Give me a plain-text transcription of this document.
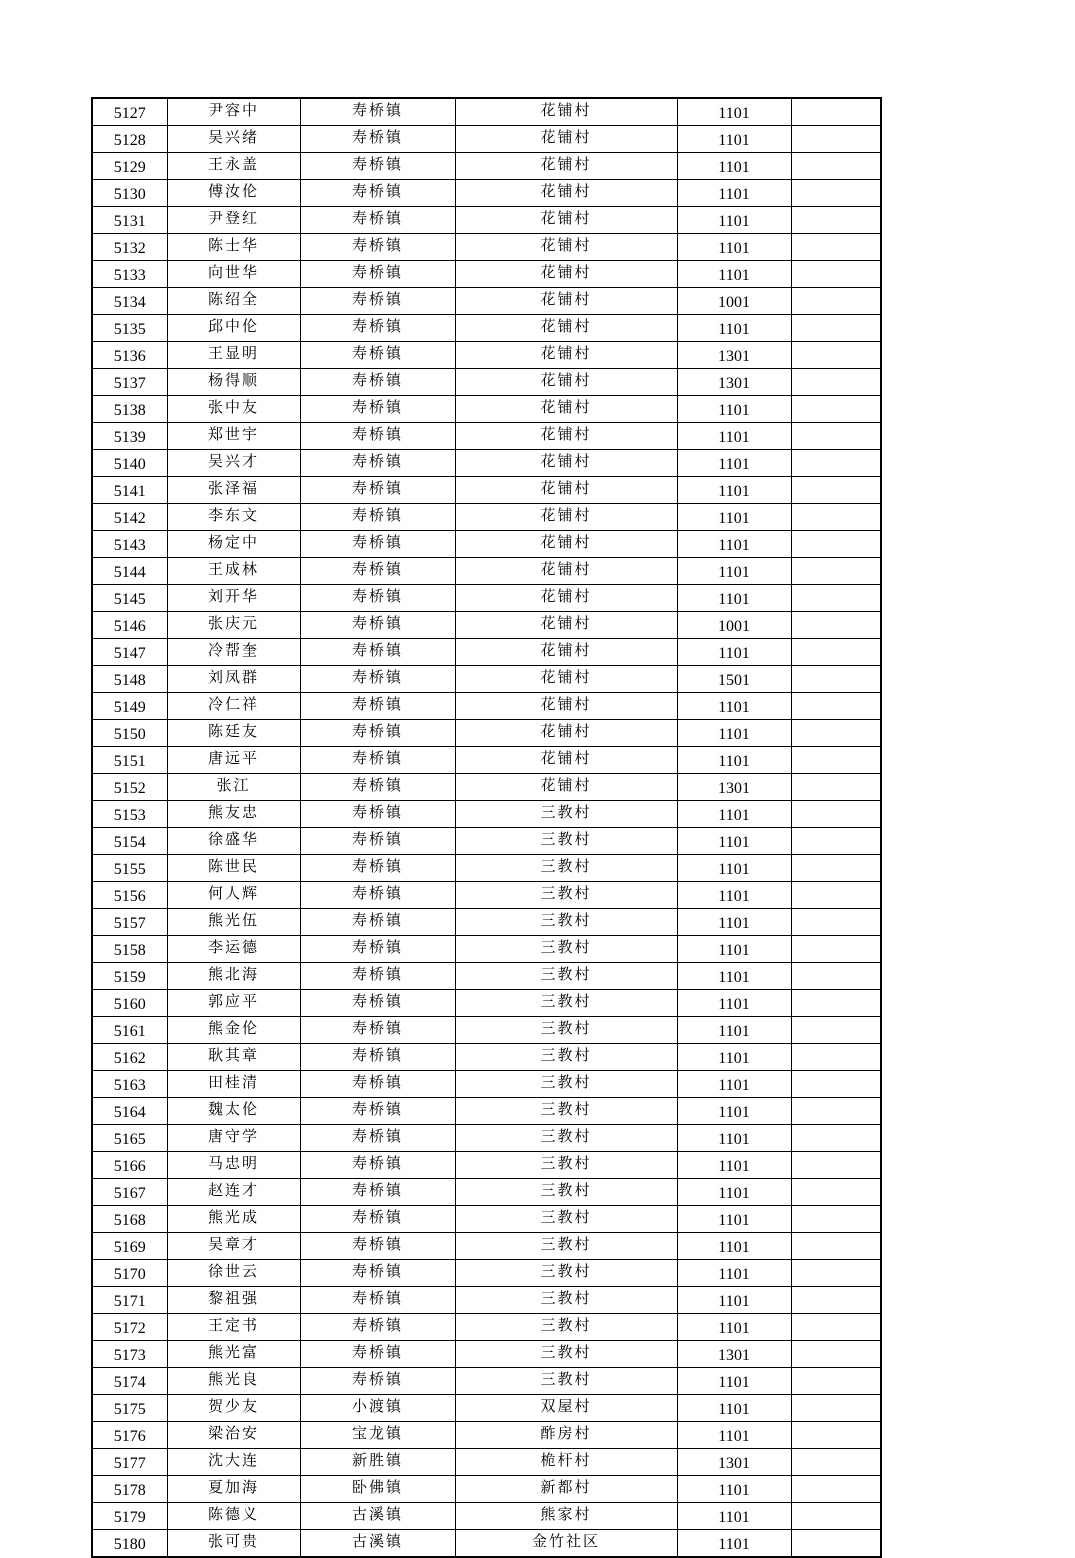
5127	尹容中	寿桥镇	花铺村	1101	
5128	吴兴绪	寿桥镇	花铺村	1101	
5129	王永盖	寿桥镇	花铺村	1101	
5130	傅汝伦	寿桥镇	花铺村	1101	
5131	尹登红	寿桥镇	花铺村	1101	
5132	陈士华	寿桥镇	花铺村	1101	
5133	向世华	寿桥镇	花铺村	1101	
5134	陈绍全	寿桥镇	花铺村	1001	
5135	邱中伦	寿桥镇	花铺村	1101	
5136	王显明	寿桥镇	花铺村	1301	
5137	杨得顺	寿桥镇	花铺村	1301	
5138	张中友	寿桥镇	花铺村	1101	
5139	郑世宇	寿桥镇	花铺村	1101	
5140	吴兴才	寿桥镇	花铺村	1101	
5141	张泽福	寿桥镇	花铺村	1101	
5142	李东文	寿桥镇	花铺村	1101	
5143	杨定中	寿桥镇	花铺村	1101	
5144	王成林	寿桥镇	花铺村	1101	
5145	刘开华	寿桥镇	花铺村	1101	
5146	张庆元	寿桥镇	花铺村	1001	
5147	冷帮奎	寿桥镇	花铺村	1101	
5148	刘凤群	寿桥镇	花铺村	1501	
5149	冷仁祥	寿桥镇	花铺村	1101	
5150	陈廷友	寿桥镇	花铺村	1101	
5151	唐远平	寿桥镇	花铺村	1101	
5152	张江	寿桥镇	花铺村	1301	
5153	熊友忠	寿桥镇	三教村	1101	
5154	徐盛华	寿桥镇	三教村	1101	
5155	陈世民	寿桥镇	三教村	1101	
5156	何人辉	寿桥镇	三教村	1101	
5157	熊光伍	寿桥镇	三教村	1101	
5158	李运德	寿桥镇	三教村	1101	
5159	熊北海	寿桥镇	三教村	1101	
5160	郭应平	寿桥镇	三教村	1101	
5161	熊金伦	寿桥镇	三教村	1101	
5162	耿其章	寿桥镇	三教村	1101	
5163	田桂清	寿桥镇	三教村	1101	
5164	魏太伦	寿桥镇	三教村	1101	
5165	唐守学	寿桥镇	三教村	1101	
5166	马忠明	寿桥镇	三教村	1101	
5167	赵连才	寿桥镇	三教村	1101	
5168	熊光成	寿桥镇	三教村	1101	
5169	吴章才	寿桥镇	三教村	1101	
5170	徐世云	寿桥镇	三教村	1101	
5171	黎祖强	寿桥镇	三教村	1101	
5172	王定书	寿桥镇	三教村	1101	
5173	熊光富	寿桥镇	三教村	1301	
5174	熊光良	寿桥镇	三教村	1101	
5175	贺少友	小渡镇	双屋村	1101	
5176	梁治安	宝龙镇	酢房村	1101	
5177	沈大连	新胜镇	桅杆村	1301	
5178	夏加海	卧佛镇	新都村	1101	
5179	陈德义	古溪镇	熊家村	1101	
5180	张可贵	古溪镇	金竹社区	1101	
